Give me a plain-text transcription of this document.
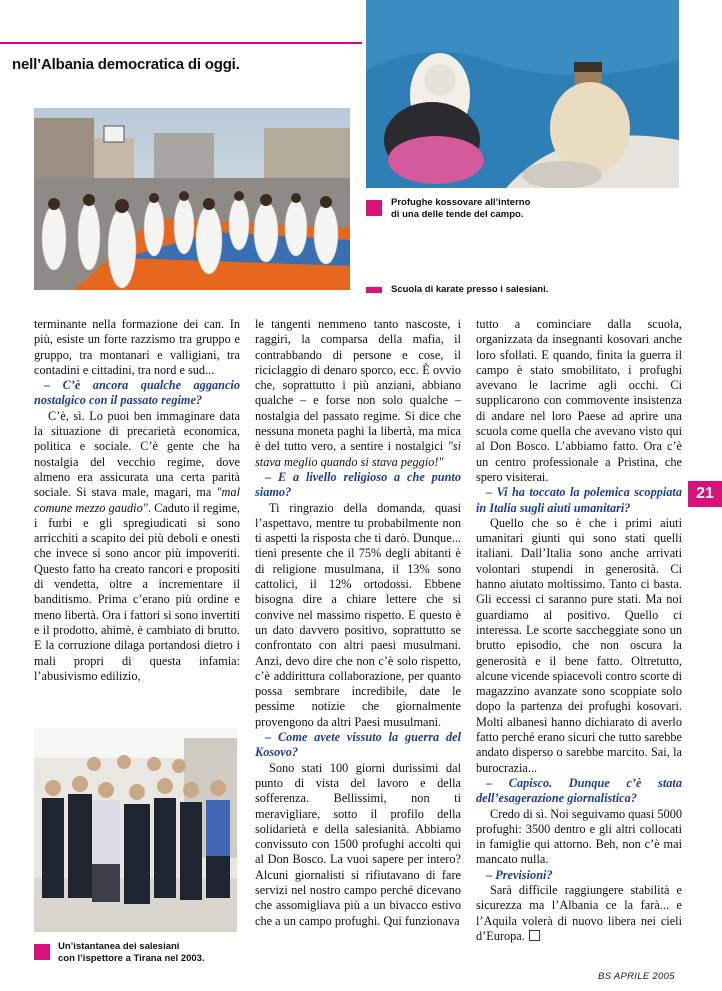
nell’Albania democratica di oggi.
Profughe kossovare all’interno
di una delle tende del campo.
Scuola di karate presso i salesiani.

terminante nella formazione dei can. In più, esiste un forte razzismo tra gruppo e gruppo, tra montanari e valligiani, tra contadini e cittadini, tra nord e sud...

– C’è ancora qualche aggancio nostalgico con il passato regime?

C’è, sì. Lo puoi ben immaginare data la situazione di precarietà economica, politica e sociale. C’è gente che ha nostalgia del vecchio regime, dove almeno era assicurata una certa parità sociale. Si stava male, magari, ma "mal comune mezzo gaudio". Caduto il regime, i furbi e gli spregiudicati si sono arricchiti a scapito dei più deboli e onesti che invece si sono ancor più impoveriti. Questo fatto ha creato rancori e propositi di vendetta, oltre a incrementare il banditismo. Prima c’erano più ordine e meno libertà. Ora i fattori si sono invertiti e il prodotto, ahimè, è cambiato di brutto. E la corruzione dilaga portandosi dietro i mali propri di questa infamia: l’abusivismo edilizio,

Un’istantanea dei salesiani
con l’ispettore a Tirana nel 2003.

le tangenti nemmeno tanto nascoste, i raggiri, la comparsa della mafia, il contrabbando di persone e cose, il riciclaggio di denaro sporco, ecc. È ovvio che, soprattutto i più anziani, abbiano qualche – e forse non solo qualche – nostalgia del passato regime. Si dice che nessuna moneta paghi la libertà, ma mica è del tutto vero, a sentire i nostalgici "si stava meglio quando si stava peggio!"

– E a livello religioso a che punto siamo?

Ti ringrazio della domanda, quasi l’aspettavo, mentre tu probabilmente non ti aspetti la risposta che ti darò. Dunque... tieni presente che il 75% degli abitanti è di religione musulmana, il 13% sono cattolici, il 12% ortodossi. Ebbene bisogna dire a chiare lettere che si convive nel massimo rispetto. E questo è un dato davvero positivo, soprattutto se confrontato con altri paesi musulmani. Anzi, devo dire che non c’è solo rispetto, c’è addirittura collaborazione, per quanto possa sembrare incredibile, date le pessime notizie che giornalmente provengono da altri Paesi musulmani.

– Come avete vissuto la guerra del Kosovo?

Sono stati 100 giorni durissimi dal punto di vista del lavoro e della sofferenza. Bellissimi, non ti meravigliare, sotto il profilo della solidarietà e della salesianità. Abbiamo convissuto con 1500 profughi accolti qui al Don Bosco. La vuoi sapere per intero? Alcuni giornalisti si rifiutavano di fare servizi nel nostro campo perché dicevano che assomigliava più a un bivacco estivo che a un campo profughi. Qui funzionava

tutto a cominciare dalla scuola, organizzata da insegnanti kosovari anche loro sfollati. E quando, finita la guerra il campo è stato smobilitato, i profughi avevano le lacrime agli occhi. Ci supplicarono con commovente insistenza di andare nel loro Paese ad aprire una scuola come quella che avevano visto qui al Don Bosco. L’abbiamo fatto. Ora c’è un centro professionale a Pristina, che spero visiterai.

– Vi ha toccato la polemica scoppiata in Italia sugli aiuti umanitari?

Quello che so è che i primi aiuti umanitari giunti qui sono stati quelli italiani. Dall’Italia sono anche arrivati volontari stupendi in generosità. Ci hanno aiutato moltissimo. Tanto ci basta. Gli eccessi ci saranno pure stati. Ma noi guardiamo al positivo. Quello ci interessa. Le scorte saccheggiate sono un brutto episodio, che non oscura la generosità e il bene fatto. Oltretutto, alcune vicende spiacevoli contro scorte di magazzino avanzate sono scoppiate solo dopo la partenza dei profughi kosovari. Molti albanesi hanno dichiarato di averlo fatto perché erano sicuri che tutto sarebbe andato disperso o sarebbe marcito. Sai, la burocrazia...

– Capisco. Dunque c’è stata dell’esagerazione giornalistica?

Credo di sì. Noi seguivamo quasi 5000 profughi: 3500 dentro e gli altri collocati in famiglie qui attorno. Beh, non c’è mai mancato nulla.

– Previsioni?

Sarà difficile raggiungere stabilità e sicurezza ma l’Albania ce la farà... e l’Aquila volerà di nuovo libera nei cieli d’Europa.

21
BS APRILE 2005
